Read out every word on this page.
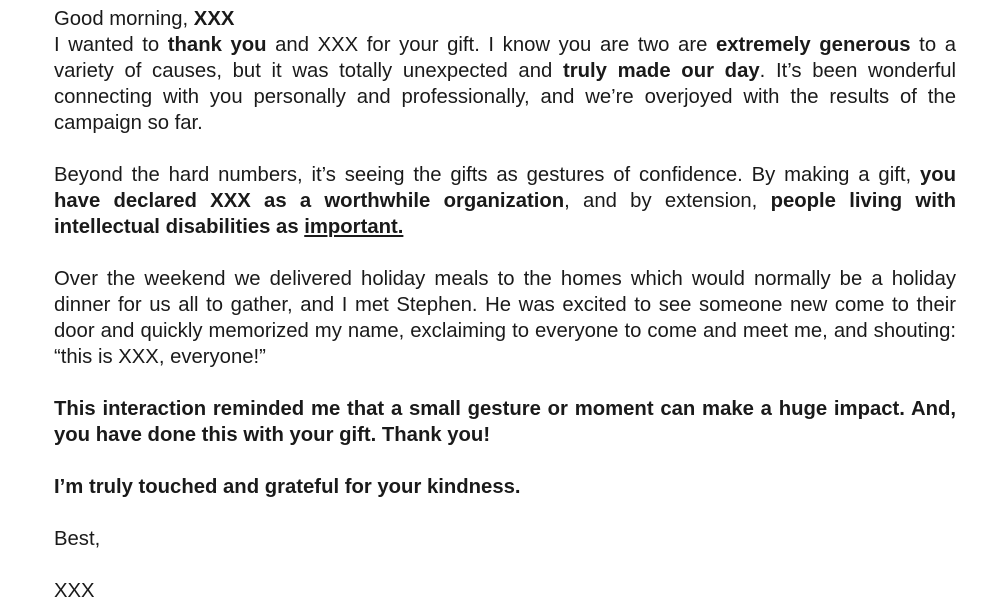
Good morning, XXX

I wanted to thank you and XXX for your gift. I know you are two are extremely generous to a variety of causes, but it was totally unexpected and truly made our day. It’s been wonderful connecting with you personally and professionally, and we’re overjoyed with the results of the campaign so far.

Beyond the hard numbers, it’s seeing the gifts as gestures of confidence. By making a gift, you have declared XXX as a worthwhile organization, and by extension, people living with intellectual disabilities as important.

Over the weekend we delivered holiday meals to the homes which would normally be a holiday dinner for us all to gather, and I met Stephen. He was excited to see someone new come to their door and quickly memorized my name, exclaiming to everyone to come and meet me, and shouting: “this is XXX, everyone!”

This interaction reminded me that a small gesture or moment can make a huge impact. And, you have done this with your gift. Thank you!

I’m truly touched and grateful for your kindness.

Best,

XXX
